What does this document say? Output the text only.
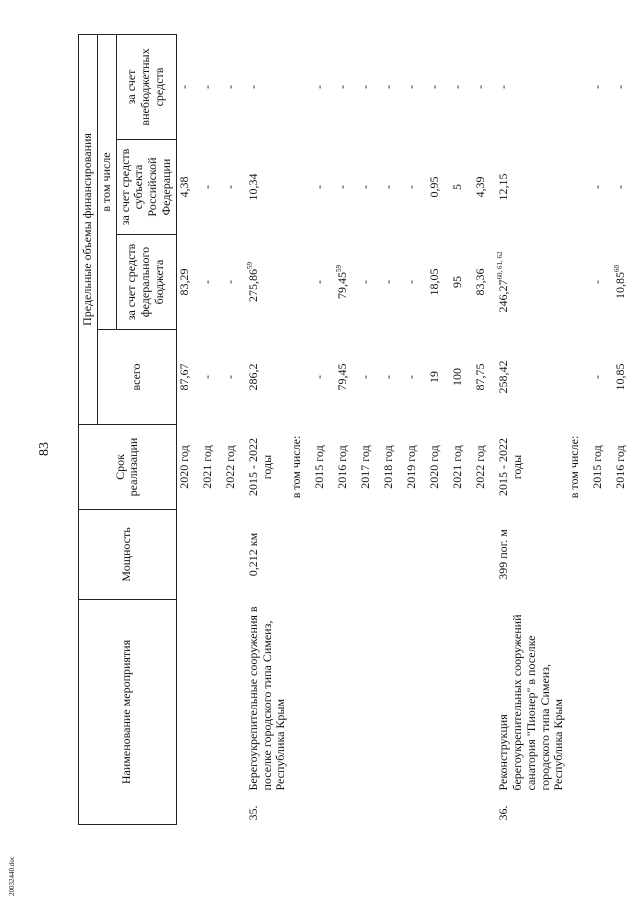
83
Наименование мероприятия		Мощность	Срок реализации	Предельные объемы финансирования			
				всего	в том числе		
					за счет средств федерального бюджета	за счет средств субъекта Российской Федерации	за счет внебюджетных средств
			2020 год	87,67	83,29	4,38	-
			2021 год	-	-	-	-
			2022 год	-	-	-	-
35.	Берегоукрепительные сооружения в поселке городского типа Симеиз, Республика Крым	0,212 км	2015 - 2022 годы	286,2	275,86$^{59}$	10,34	-
			в том числе:				
			2015 год	-	-	-	-
			2016 год	79,45	79,45$^{59}$	-	-
			2017 год	-	-	-	-
			2018 год	-	-	-	-
			2019 год	-	-	-	-
			2020 год	19	18,05	0,95	-
			2021 год	100	95	5	-
			2022 год	87,75	83,36	4,39	-
36.	Реконструкция берегоукрепительных сооружений санатория "Пионер" в поселке городского типа Симеиз, Республика Крым	399 пог. м	2015 - 2022 годы	258,42	246,27$^{60, 61, 62}$	12,15	-
			в том числе:				
			2015 год	-	-	-	-
			2016 год	10,85	10,85$^{60}$	-	-
20032440.doc
